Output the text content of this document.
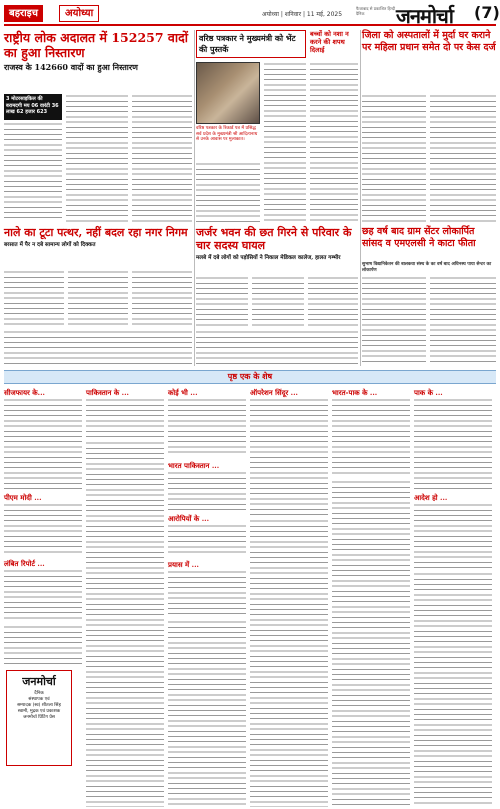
बहराइच	अयोध्या	अयोध्या | शनिवार | 11 मई, 2025
फैजाबाद से प्रकाशित हिन्दी दैनिक	जनमोर्चा (7)
राष्ट्रीय लोक अदालत में 152257 वादों का हुआ निस्तारण
राजस्व के 142660 वादों का हुआ निस्तारण
3 मोटरसाइकिल की बरामदगी मय 06 वारंटी 36 लाख 62 हजार 623
नाले का टूटा पत्थर, नहीं बदल रहा नगर निगम
बरसात में पैर न दबे सामान्य लोगों को दिक्कत
वरिष्ठ पत्रकार ने मुख्यमंत्री को भेंट की पुस्तकें
वरिष्ठ पत्रकार के रिकार्ड पत्र में प्रसिद्ध सर्व प्रदेश के मुख्यमंत्री श्री आदित्यनाथ से उनके आवास पर मुलाकात।
बच्चों को नशा न करने की शपथ दिलाई
जिला को अस्पतालों में मुर्दा घर कराने पर महिला प्रधान समेत दो पर केस दर्ज
जर्जर भवन की छत गिरने से परिवार के चार सदस्य घायल
मलबे में दबे लोगों को पड़ोसियों ने निकाल मेडिकल कालेज, हालत गम्भीर
छह वर्ष बाद ग्राम सेंटर लोकार्पित सांसद व एमएलसी ने काटा फीता
सुभाष विद्यानिकेतन की बालकवा संस्थ के का वर्ष बाद अधिनस्थ पाया सेन्टर का लोकार्पण
पृष्ठ एक के शेष
सीजफायर के...
पीएम मोदी ...
लंबित रिपोर्ट ...
पाकिस्तान के ...	कोई भी ...
भारत पाकिस्तान ...
आरोपियों के ...
प्रयास में ...
ऑपरेशन सिंदूर ...	भारत-पाक के ...	पाक के ...
आदेश हो ...
जनमोर्चा
दैनिक
संस्थापक एवं
सम्पादक (स्व) शीतला सिंह
स्वामी, मुद्रक एवं प्रकाशक
जनमोर्चा प्रिंटिंग प्रेस
